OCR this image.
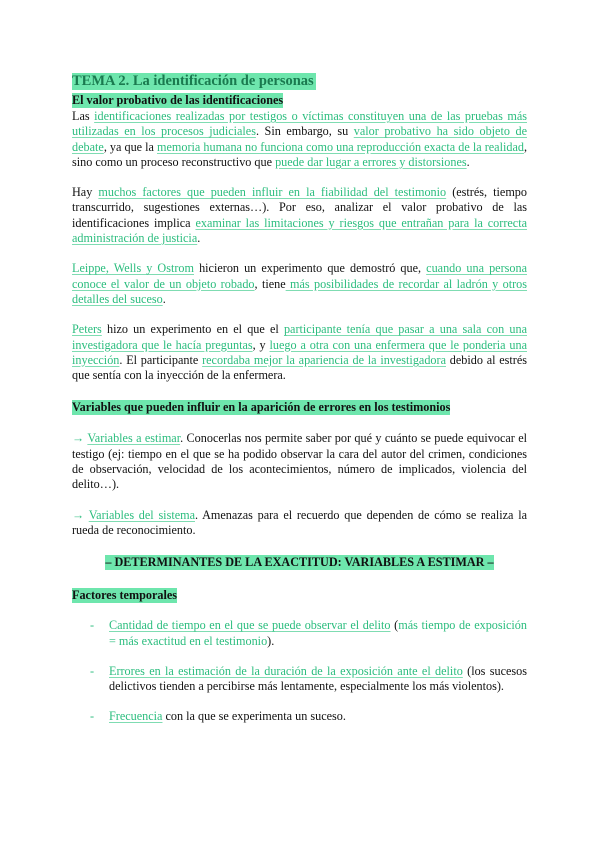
TEMA 2. La identificación de personas
El valor probativo de las identificaciones

Las identificaciones realizadas por testigos o víctimas constituyen una de las pruebas más utilizadas en los procesos judiciales. Sin embargo, su valor probativo ha sido objeto de debate, ya que la memoria humana no funciona como una reproducción exacta de la realidad, sino como un proceso reconstructivo que puede dar lugar a errores y distorsiones.

Hay muchos factores que pueden influir en la fiabilidad del testimonio (estrés, tiempo transcurrido, sugestiones externas…). Por eso, analizar el valor probativo de las identificaciones implica examinar las limitaciones y riesgos que entrañan para la correcta administración de justicia.

Leippe, Wells y Ostrom hicieron un experimento que demostró que, cuando una persona conoce el valor de un objeto robado, tiene más posibilidades de recordar al ladrón y otros detalles del suceso.

Peters hizo un experimento en el que el participante tenía que pasar a una sala con una investigadora que le hacía preguntas, y luego a otra con una enfermera que le ponderia una inyección. El participante recordaba mejor la apariencia de la investigadora debido al estrés que sentía con la inyección de la enfermera.

Variables que pueden influir en la aparición de errores en los testimonios

→ Variables a estimar. Conocerlas nos permite saber por qué y cuánto se puede equivocar el testigo (ej: tiempo en el que se ha podido observar la cara del autor del crimen, condiciones de observación, velocidad de los acontecimientos, número de implicados, violencia del delito…).

→ Variables del sistema. Amenazas para el recuerdo que dependen de cómo se realiza la rueda de reconocimiento.

– DETERMINANTES DE LA EXACTITUD: VARIABLES A ESTIMAR –
Factores temporales
- Cantidad de tiempo en el que se puede observar el delito (más tiempo de exposición = más exactitud en el testimonio).
- Errores en la estimación de la duración de la exposición ante el delito (los sucesos delictivos tienden a percibirse más lentamente, especialmente los más violentos).
- Frecuencia con la que se experimenta un suceso.
